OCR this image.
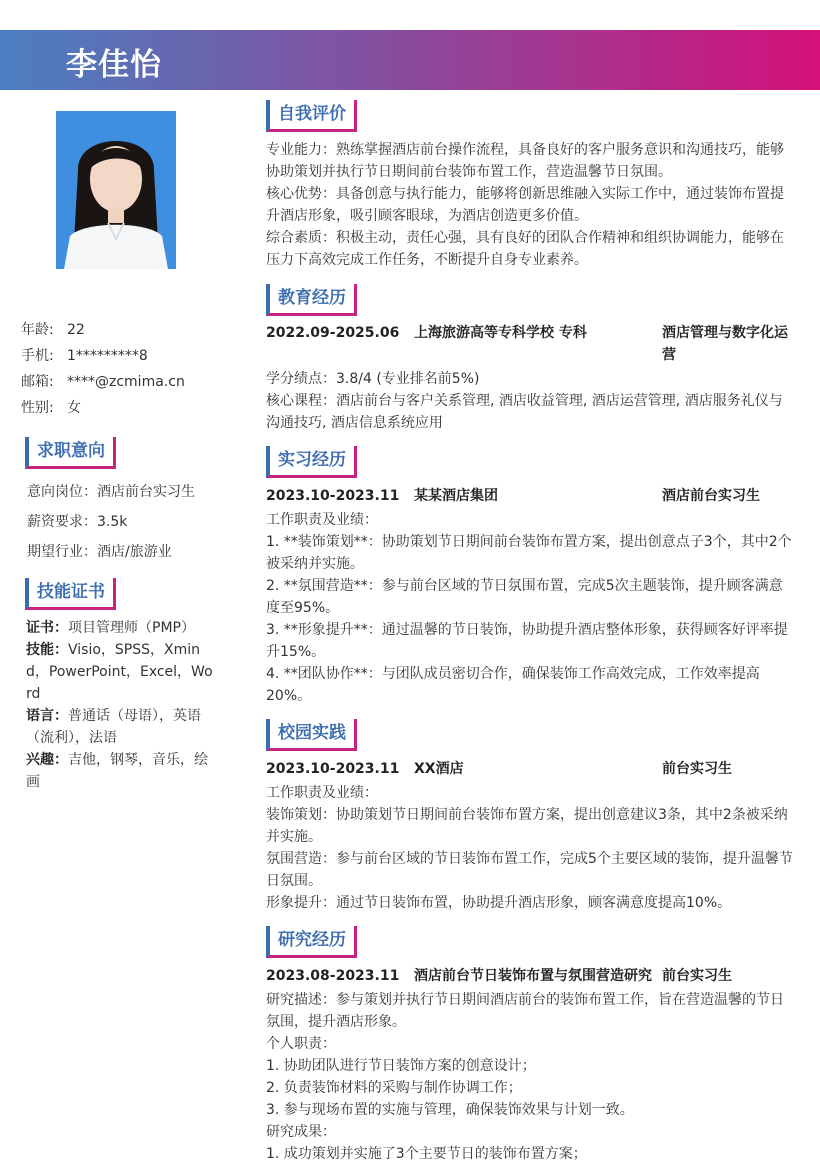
李佳怡
年龄: 22
手机: 1*********8
邮箱: ****@zcmima.cn
性别: 女
求职意向
意向岗位：酒店前台实习生
薪资要求：3.5k
期望行业：酒店/旅游业
技能证书
证书：项目管理师（PMP）
技能：Visio，SPSS，Xmind，PowerPoint，Excel，Word
语言：普通话（母语），英语（流利），法语
兴趣：吉他，钢琴，音乐，绘画
自我评价
专业能力：熟练掌握酒店前台操作流程，具备良好的客户服务意识和沟通技巧，能够协助策划并执行节日期间前台装饰布置工作，营造温馨节日氛围。
核心优势：具备创意与执行能力，能够将创新思维融入实际工作中，通过装饰布置提升酒店形象，吸引顾客眼球，为酒店创造更多价值。
综合素质：积极主动，责任心强，具有良好的团队合作精神和组织协调能力，能够在压力下高效完成工作任务，不断提升自身专业素养。
教育经历
2022.09-2025.06	上海旅游高等专科学校 专科	酒店管理与数字化运营
学分绩点：3.8/4 (专业排名前5%)
核心课程：酒店前台与客户关系管理, 酒店收益管理, 酒店运营管理, 酒店服务礼仪与沟通技巧, 酒店信息系统应用
实习经历
2023.10-2023.11	某某酒店集团	酒店前台实习生
工作职责及业绩：
1. **装饰策划**：协助策划节日期间前台装饰布置方案，提出创意点子3个，其中2个被采纳并实施。
2. **氛围营造**：参与前台区域的节日氛围布置，完成5次主题装饰，提升顾客满意度至95%。
3. **形象提升**：通过温馨的节日装饰，协助提升酒店整体形象，获得顾客好评率提升15%。
4. **团队协作**：与团队成员密切合作，确保装饰工作高效完成，工作效率提高20%。
校园实践
2023.10-2023.11	XX酒店	前台实习生
工作职责及业绩：
装饰策划：协助策划节日期间前台装饰布置方案，提出创意建议3条，其中2条被采纳并实施。
氛围营造：参与前台区域的节日装饰布置工作，完成5个主要区域的装饰，提升温馨节日氛围。
形象提升：通过节日装饰布置，协助提升酒店形象，顾客满意度提高10%。
研究经历
2023.08-2023.11	酒店前台节日装饰布置与氛围营造研究 前台实习生
研究描述：参与策划并执行节日期间酒店前台的装饰布置工作，旨在营造温馨的节日氛围，提升酒店形象。
个人职责：
1. 协助团队进行节日装饰方案的创意设计；
2. 负责装饰材料的采购与制作协调工作；
3. 参与现场布置的实施与管理，确保装饰效果与计划一致。
研究成果：
1. 成功策划并实施了3个主要节日的装饰布置方案；
